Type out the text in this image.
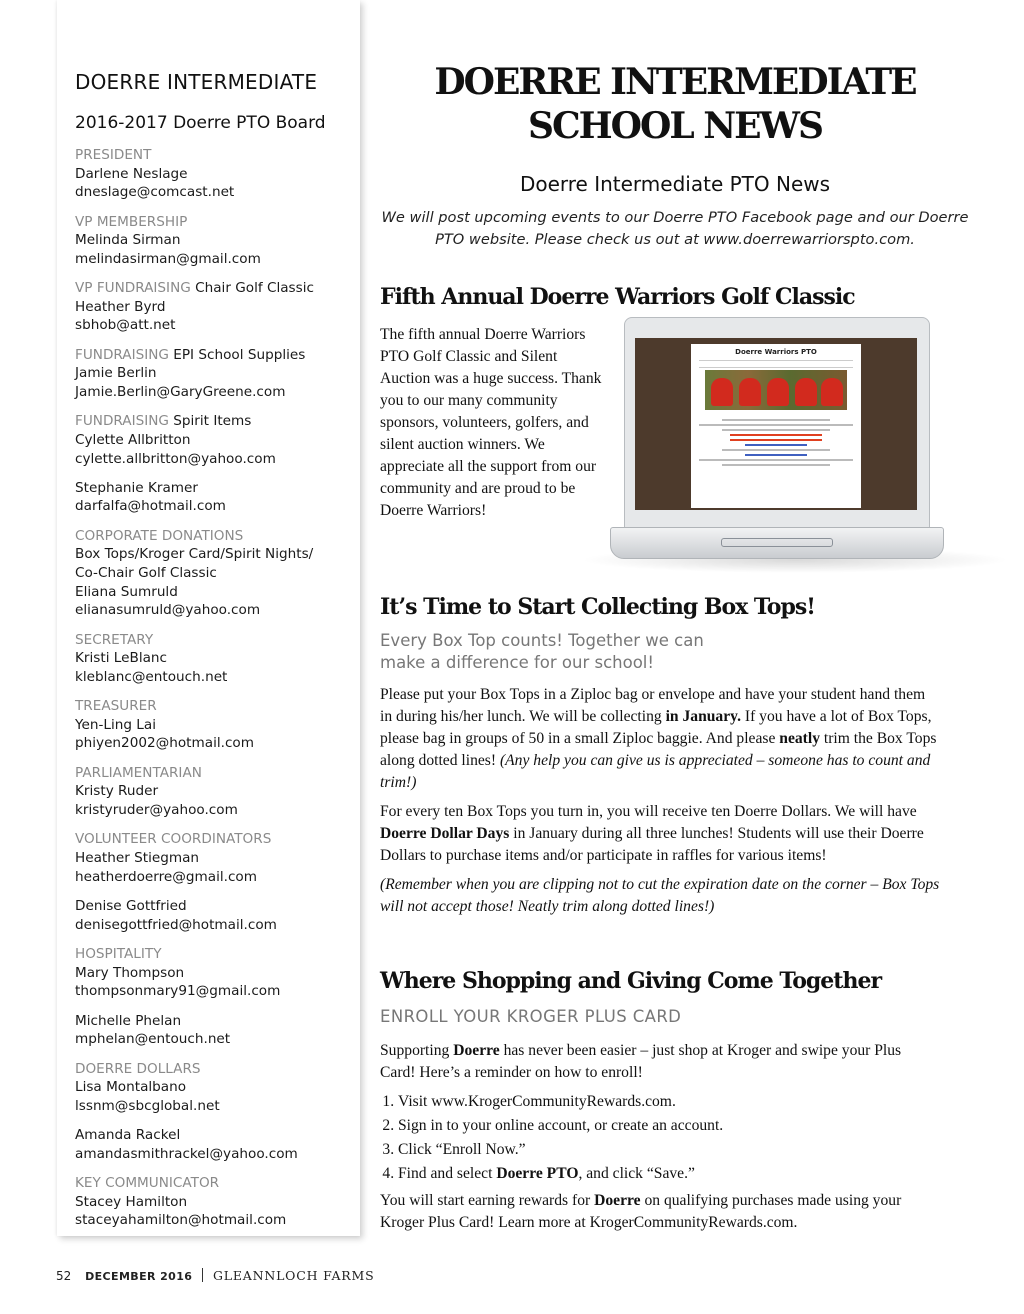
DOERRE INTERMEDIATE
2016-2017 Doerre PTO Board
PRESIDENT
Darlene Neslage
dneslage@comcast.net
VP MEMBERSHIP
Melinda Sirman
melindasirman@gmail.com
VP FUNDRAISING Chair Golf Classic
Heather Byrd
sbhob@att.net
FUNDRAISING EPI School Supplies
Jamie Berlin
Jamie.Berlin@GaryGreene.com
FUNDRAISING Spirit Items
Cylette Allbritton
cylette.allbritton@yahoo.com
Stephanie Kramer
darfalfa@hotmail.com
CORPORATE DONATIONS
Box Tops/Kroger Card/Spirit Nights/
Co-Chair Golf Classic
Eliana Sumruld
elianasumruld@yahoo.com
SECRETARY
Kristi LeBlanc
kleblanc@entouch.net
TREASURER
Yen-Ling Lai
phiyen2002@hotmail.com
PARLIAMENTARIAN
Kristy Ruder
kristyruder@yahoo.com
VOLUNTEER COORDINATORS
Heather Stiegman
heatherdoerre@gmail.com
Denise Gottfried
denisegottfried@hotmail.com
HOSPITALITY
Mary Thompson
thompsonmary91@gmail.com
Michelle Phelan
mphelan@entouch.net
DOERRE DOLLARS
Lisa Montalbano
lssnm@sbcglobal.net
Amanda Rackel
amandasmithrackel@yahoo.com
KEY COMMUNICATOR
Stacey Hamilton
staceyahamilton@hotmail.com
DOERRE INTERMEDIATE
SCHOOL NEWS
Doerre Intermediate PTO News
We will post upcoming events to our Doerre PTO Facebook page and our Doerre PTO website. Please check us out at www.doerrewarriorspto.com.
Fifth Annual Doerre Warriors Golf Classic
The fifth annual Doerre Warriors PTO Golf Classic and Silent Auction was a huge success. Thank you to our many community sponsors, volunteers, golfers, and silent auction winners. We appreciate all the support from our community and are proud to be Doerre Warriors!
Doerre Warriors PTO
It’s Time to Start Collecting Box Tops!
Every Box Top counts! Together we can make a difference for our school!

Please put your Box Tops in a Ziploc bag or envelope and have your student hand them in during his/her lunch. We will be collecting in January. If you have a lot of Box Tops, please bag in groups of 50 in a small Ziploc baggie. And please neatly trim the Box Tops along dotted lines! (Any help you can give us is appreciated – someone has to count and trim!)

For every ten Box Tops you turn in, you will receive ten Doerre Dollars. We will have Doerre Dollar Days in January during all three lunches! Students will use their Doerre Dollars to purchase items and/or participate in raffles for various items!

(Remember when you are clipping not to cut the expiration date on the corner – Box Tops will not accept those! Neatly trim along dotted lines!)

Where Shopping and Giving Come Together
ENROLL YOUR KROGER PLUS CARD

Supporting Doerre has never been easier – just shop at Kroger and swipe your Plus Card! Here’s a reminder on how to enroll!

1. Visit www.KrogerCommunityRewards.com.
2. Sign in to your online account, or create an account.
3. Click “Enroll Now.”
4. Find and select Doerre PTO, and click “Save.”

You will start earning rewards for Doerre on qualifying purchases made using your Kroger Plus Card! Learn more at KrogerCommunityRewards.com.

52 DECEMBER 2016 GLEANNLOCH FARMS
